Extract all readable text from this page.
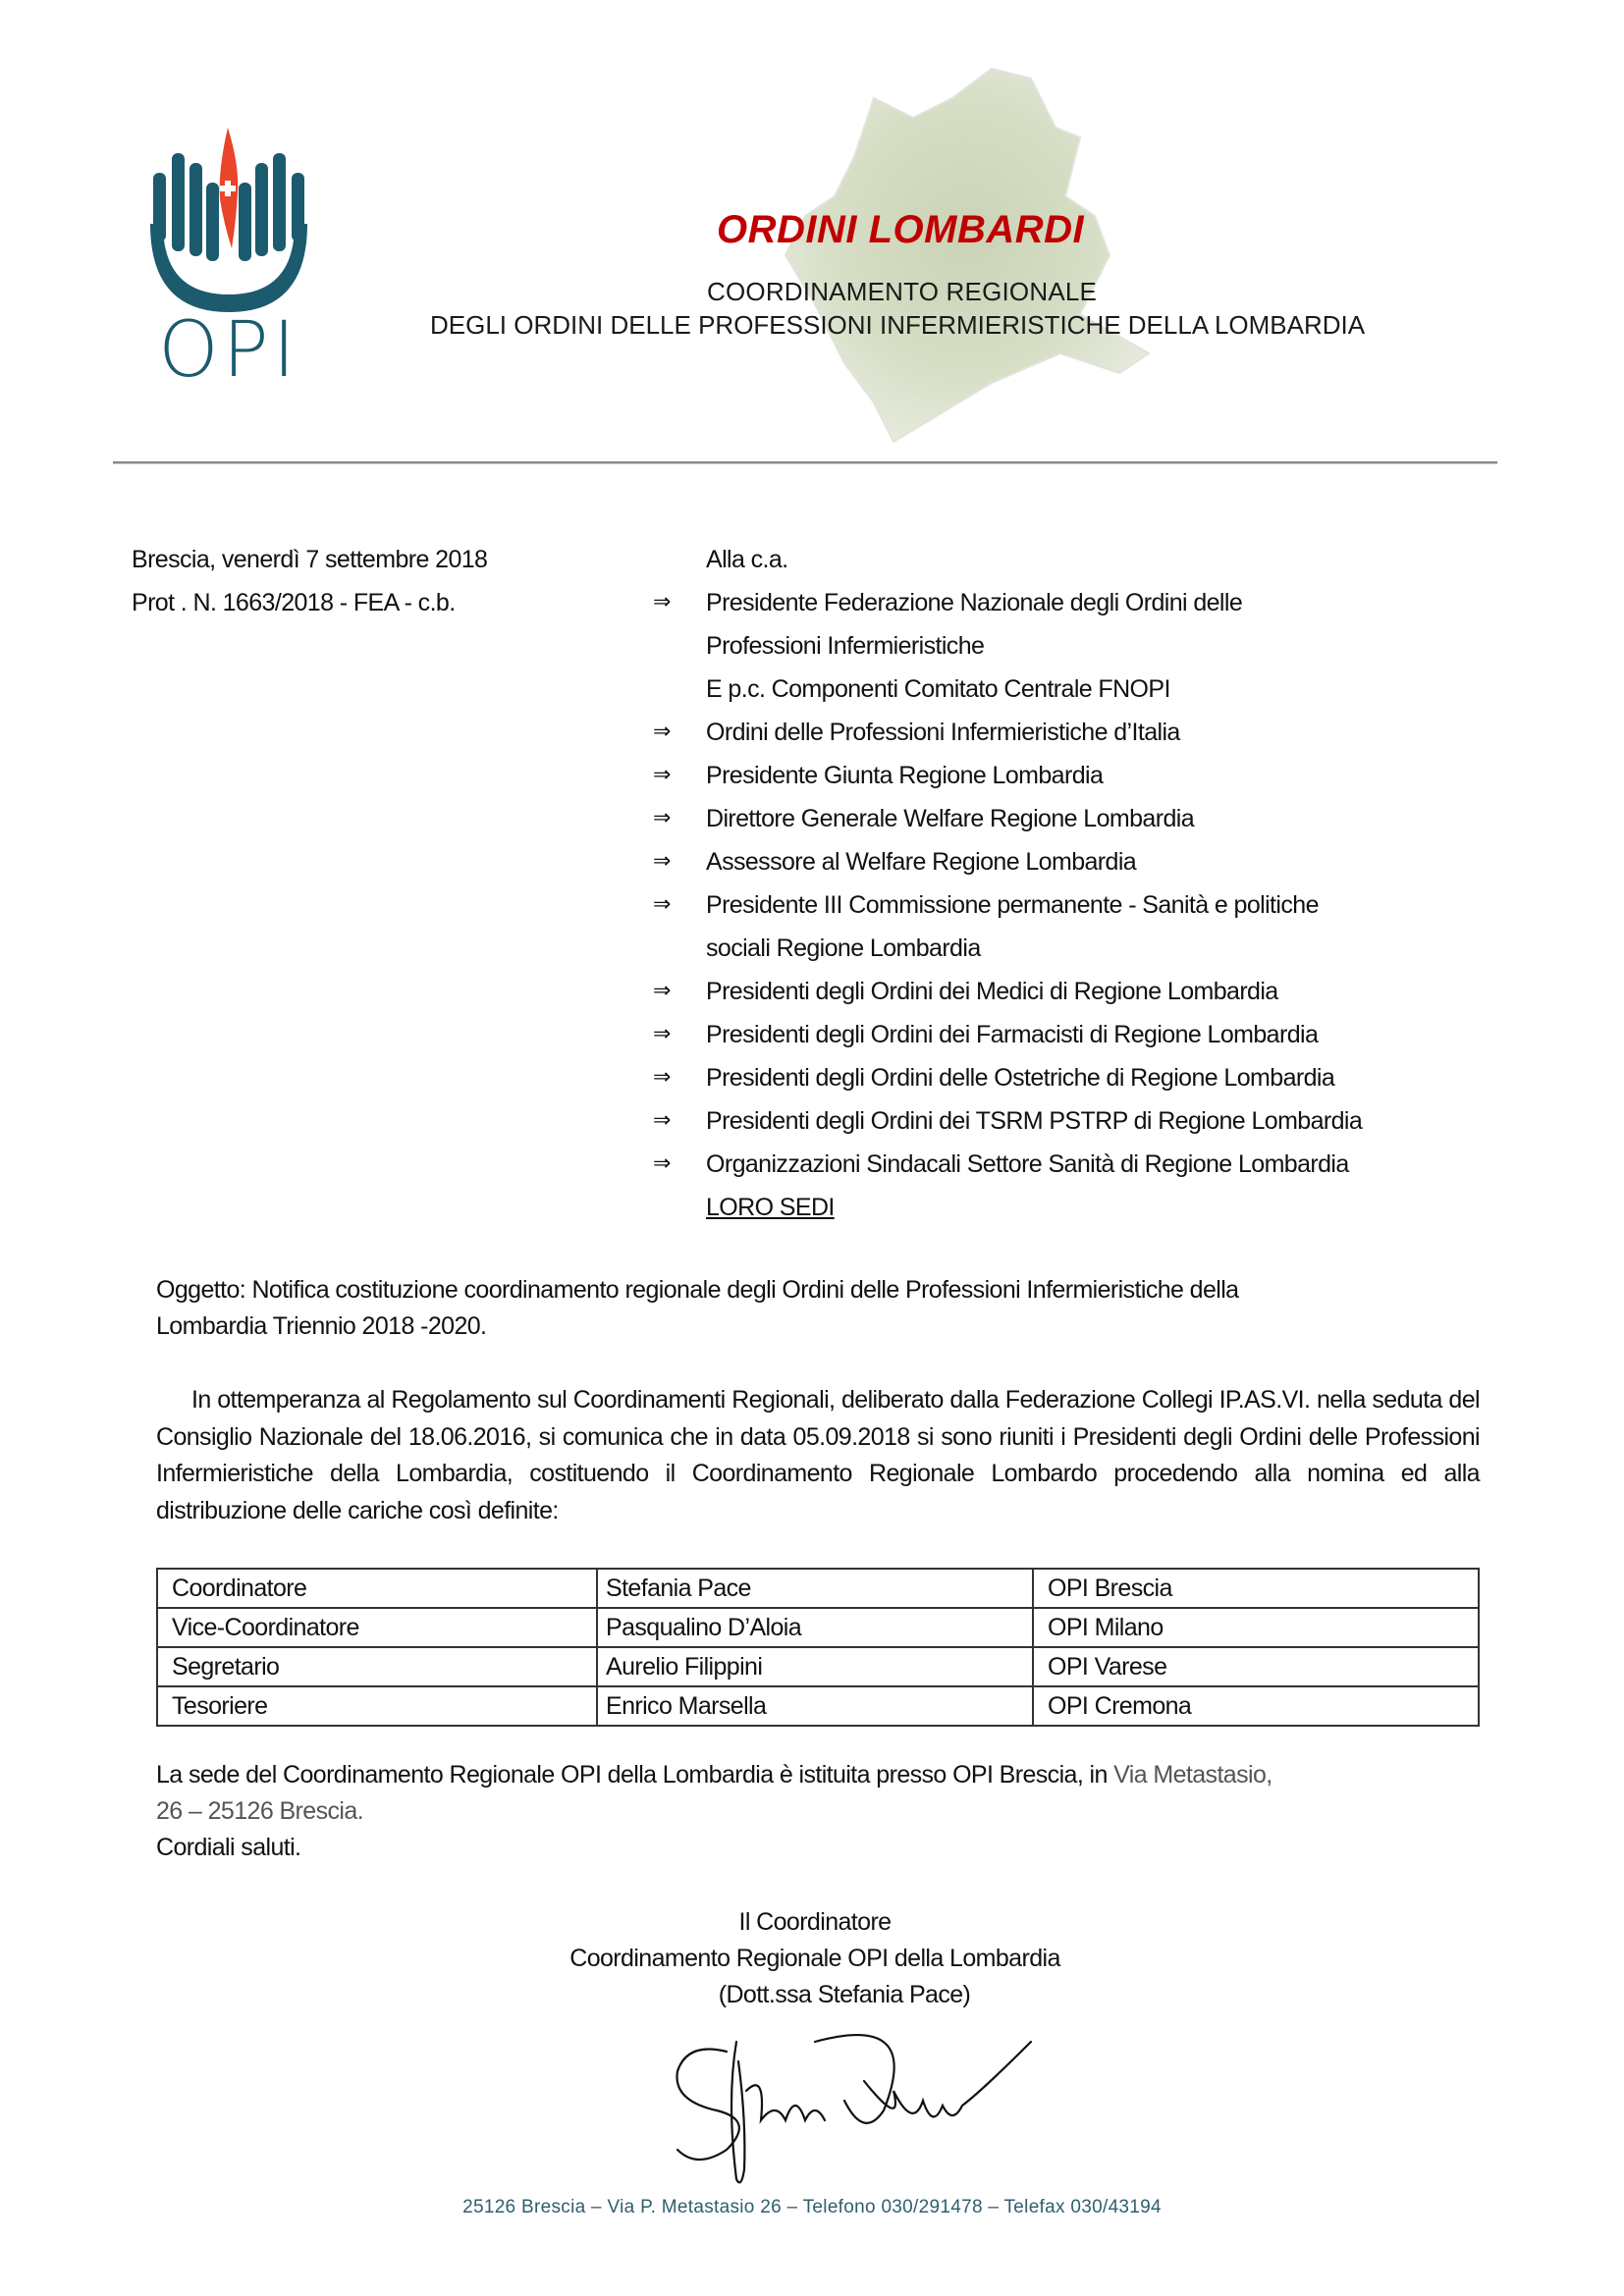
OPI
ORDINI LOMBARDI
COORDINAMENTO REGIONALE
DEGLI ORDINI DELLE PROFESSIONI INFERMIERISTICHE DELLA LOMBARDIA
Brescia, venerdì 7 settembre 2018
Prot . N. 1663/2018 - FEA - c.b.
Alla c.a.
⇒	Presidente Federazione Nazionale degli Ordini delle
Professioni Infermieristiche
E p.c. Componenti Comitato Centrale FNOPI
⇒	Ordini delle Professioni Infermieristiche d’Italia
⇒	Presidente Giunta Regione Lombardia
⇒	Direttore Generale Welfare Regione Lombardia
⇒	Assessore al Welfare Regione Lombardia
⇒	Presidente III Commissione permanente - Sanità e politiche
sociali Regione Lombardia
⇒	Presidenti degli Ordini dei Medici di Regione Lombardia
⇒	Presidenti degli Ordini dei Farmacisti di Regione Lombardia
⇒	Presidenti degli Ordini delle Ostetriche di Regione Lombardia
⇒	Presidenti degli Ordini dei TSRM PSTRP di Regione Lombardia
⇒	Organizzazioni Sindacali Settore Sanità di Regione Lombardia
LORO SEDI
Oggetto: Notifica costituzione coordinamento regionale degli Ordini delle Professioni Infermieristiche della
Lombardia Triennio 2018 -2020.
In ottemperanza al Regolamento sul Coordinamenti Regionali, deliberato dalla Federazione Collegi IP.AS.VI. nella seduta del Consiglio Nazionale del 18.06.2016, si comunica che in data 05.09.2018 si sono riuniti i Presidenti degli Ordini delle Professioni Infermieristiche della Lombardia, costituendo il Coordinamento Regionale Lombardo procedendo alla nomina ed alla distribuzione delle cariche così definite:
Coordinatore	Stefania Pace	OPI Brescia
Vice-Coordinatore	Pasqualino D’Aloia	OPI Milano
Segretario	Aurelio Filippini	OPI Varese
Tesoriere	Enrico Marsella	OPI Cremona
La sede del Coordinamento Regionale OPI della Lombardia è istituita presso OPI Brescia, in Via Metastasio,
26 – 25126 Brescia.
Cordiali saluti.
Il Coordinatore
Coordinamento Regionale OPI della Lombardia
(Dott.ssa Stefania Pace)
25126 Brescia – Via P. Metastasio 26 – Telefono 030/291478 – Telefax 030/43194
